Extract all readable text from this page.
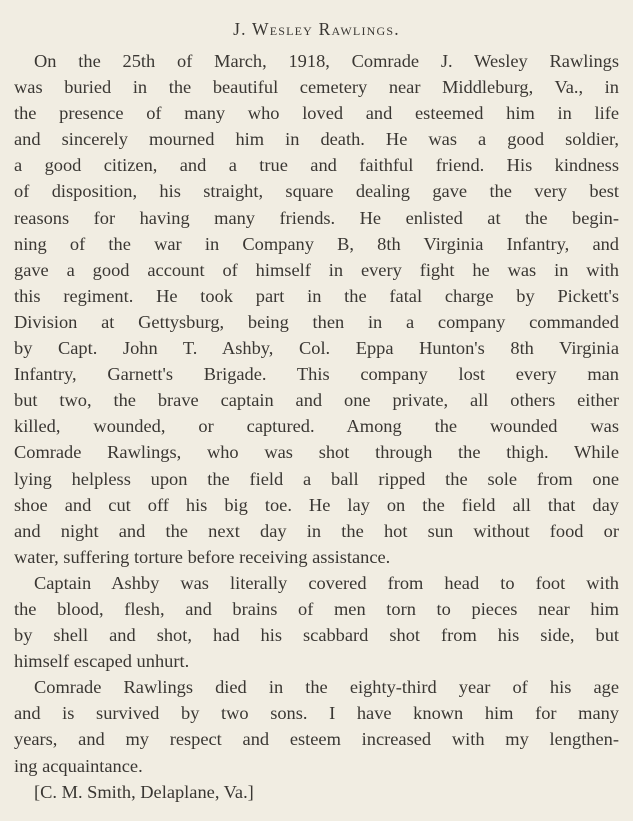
J. Wesley Rawlings.

On the 25th of March, 1918, Comrade J. Wesley Rawlings
was buried in the beautiful cemetery near Middleburg, Va., in
the presence of many who loved and esteemed him in life
and sincerely mourned him in death. He was a good soldier,
a good citizen, and a true and faithful friend. His kindness
of disposition, his straight, square dealing gave the very best
reasons for having many friends. He enlisted at the begin-
ning of the war in Company B, 8th Virginia Infantry, and
gave a good account of himself in every fight he was in with
this regiment. He took part in the fatal charge by Pickett's
Division at Gettysburg, being then in a company commanded
by Capt. John T. Ashby, Col. Eppa Hunton's 8th Virginia
Infantry, Garnett's Brigade. This company lost every man
but two, the brave captain and one private, all others either
killed, wounded, or captured. Among the wounded was
Comrade Rawlings, who was shot through the thigh. While
lying helpless upon the field a ball ripped the sole from one
shoe and cut off his big toe. He lay on the field all that day
and night and the next day in the hot sun without food or
water, suffering torture before receiving assistance.

Captain Ashby was literally covered from head to foot with
the blood, flesh, and brains of men torn to pieces near him
by shell and shot, had his scabbard shot from his side, but
himself escaped unhurt.

Comrade Rawlings died in the eighty-third year of his age
and is survived by two sons. I have known him for many
years, and my respect and esteem increased with my lengthen-
ing acquaintance.

[C. M. Smith, Delaplane, Va.]
